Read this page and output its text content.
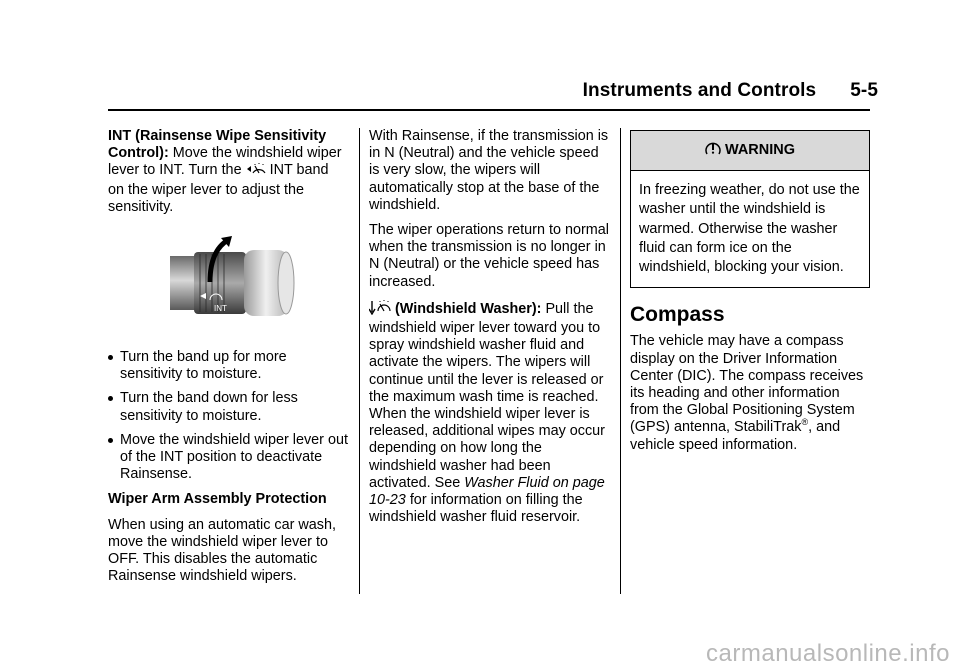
Instruments and Controls 5-5

INT (Rainsense Wipe Sensitivity Control): Move the windshield wiper lever to INT. Turn the INT band on the wiper lever to adjust the sensitivity.

INT
Turn the band up for more sensitivity to moisture.
Turn the band down for less sensitivity to moisture.
Move the windshield wiper lever out of the INT position to deactivate Rainsense.

Wiper Arm Assembly Protection

When using an automatic car wash, move the windshield wiper lever to OFF. This disables the automatic Rainsense windshield wipers.

With Rainsense, if the transmission is in N (Neutral) and the vehicle speed is very slow, the wipers will automatically stop at the base of the windshield.

The wiper operations return to normal when the transmission is no longer in N (Neutral) or the vehicle speed has increased.

(Windshield Washer): Pull the windshield wiper lever toward you to spray windshield washer fluid and activate the wipers. The wipers will continue until the lever is released or the maximum wash time is reached. When the windshield wiper lever is released, additional wipes may occur depending on how long the windshield washer had been activated. See Washer Fluid on page 10-23 for information on filling the windshield washer fluid reservoir.

WARNING
In freezing weather, do not use the washer until the windshield is warmed. Otherwise the washer fluid can form ice on the windshield, blocking your vision.
Compass

The vehicle may have a compass display on the Driver Information Center (DIC). The compass receives its heading and other information from the Global Positioning System (GPS) antenna, StabiliTrak®, and vehicle speed information.

carmanualsonline.info
